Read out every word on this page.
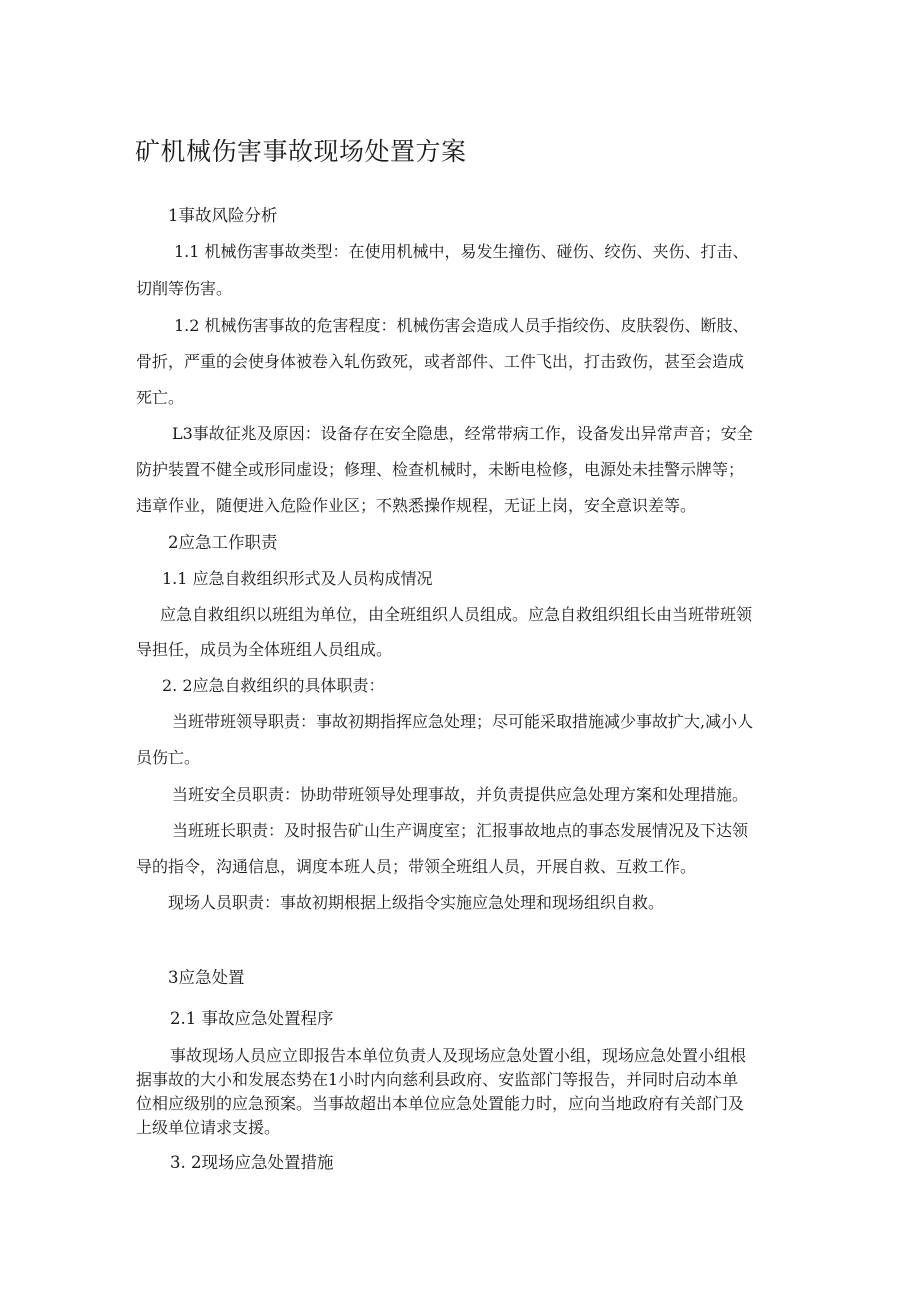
矿机械伤害事故现场处置方案

1事故风险分析

1.1 机械伤害事故类型：在使用机械中，易发生撞伤、碰伤、绞伤、夹伤、打击、

切削等伤害。

1.2 机械伤害事故的危害程度：机械伤害会造成人员手指绞伤、皮肤裂伤、断肢、

骨折，严重的会使身体被卷入轧伤致死，或者部件、工件飞出，打击致伤，甚至会造成

死亡。

L3事故征兆及原因：设备存在安全隐患，经常带病工作，设备发出异常声音；安全

防护装置不健全或形同虚设；修理、检查机械时，未断电检修，电源处未挂警示牌等；

违章作业，随便进入危险作业区；不熟悉操作规程，无证上岗，安全意识差等。

2应急工作职责

1.1 应急自救组织形式及人员构成情况

应急自救组织以班组为单位，由全班组织人员组成。应急自救组织组长由当班带班领

导担任，成员为全体班组人员组成。

2. 2应急自救组织的具体职责：

当班带班领导职责：事故初期指挥应急处理；尽可能采取措施减少事故扩大,减小人

员伤亡。

当班安全员职责：协助带班领导处理事故，并负责提供应急处理方案和处理措施。

当班班长职责：及时报告矿山生产调度室；汇报事故地点的事态发展情况及下达领

导的指令，沟通信息，调度本班人员；带领全班组人员，开展自救、互救工作。

现场人员职责：事故初期根据上级指令实施应急处理和现场组织自救。

3应急处置

2.1 事故应急处置程序

事故现场人员应立即报告本单位负责人及现场应急处置小组，现场应急处置小组根

据事故的大小和发展态势在1小时内向慈利县政府、安监部门等报告，并同时启动本单

位相应级别的应急预案。当事故超出本单位应急处置能力时，应向当地政府有关部门及

上级单位请求支援。

3. 2现场应急处置措施
